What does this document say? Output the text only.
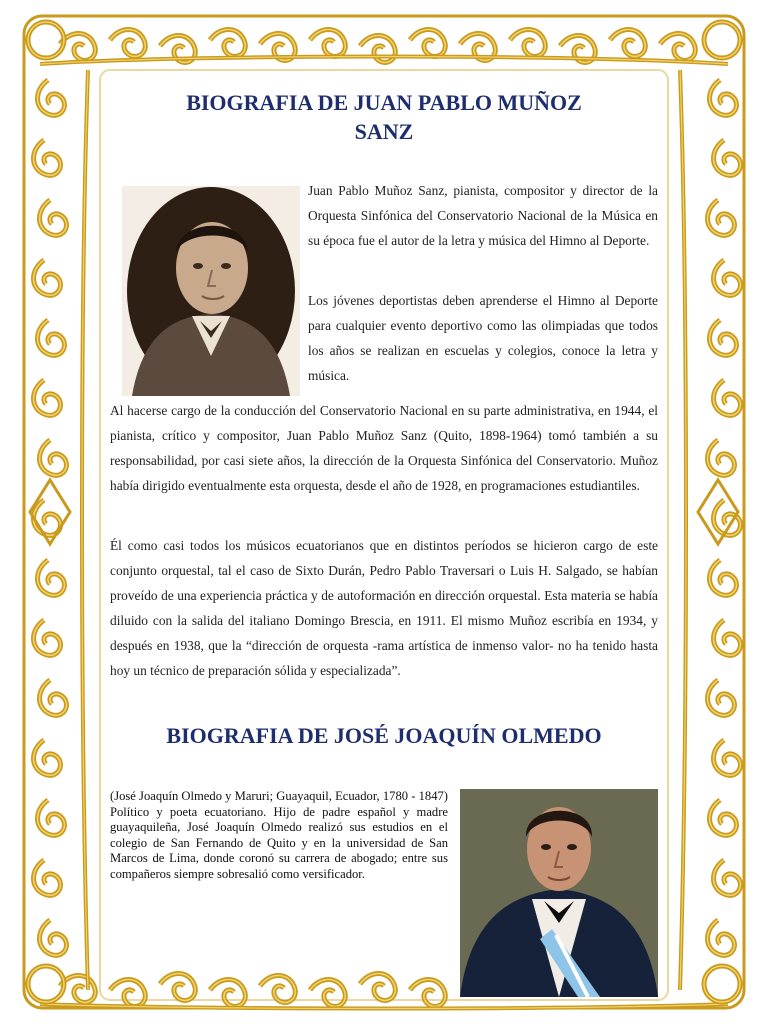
BIOGRAFIA DE JUAN PABLO MUÑOZ
SANZ
Juan Pablo Muñoz Sanz, pianista, compositor y director de la Orquesta Sinfónica del Conservatorio Nacional de la Música en su época fue el autor de la letra y música del Himno al Deporte.
Los jóvenes deportistas deben aprenderse el Himno al Deporte para cualquier evento deportivo como las olimpiadas que todos los años se realizan en escuelas y colegios, conoce la letra y música.
Al hacerse cargo de la conducción del Conservatorio Nacional en su parte administrativa, en 1944, el pianista, crítico y compositor, Juan Pablo Muñoz Sanz (Quito, 1898-1964) tomó también a su responsabilidad, por casi siete años, la dirección de la Orquesta Sinfónica del Conservatorio. Muñoz había dirigido eventualmente esta orquesta, desde el año de 1928, en programaciones estudiantiles.
Él como casi todos los músicos ecuatorianos que en distintos períodos se hicieron cargo de este conjunto orquestal, tal el caso de Sixto Durán, Pedro Pablo Traversari o Luis H. Salgado, se habían proveído de una experiencia práctica y de autoformación en dirección orquestal. Esta materia se había diluido con la salida del italiano Domingo Brescia, en 1911. El mismo Muñoz escribía en 1934, y después en 1938, que la “dirección de orquesta -rama artística de inmenso valor- no ha tenido hasta hoy un técnico de preparación sólida y especializada”.
BIOGRAFIA DE JOSÉ JOAQUÍN OLMEDO
(José Joaquín Olmedo y Maruri; Guayaquil, Ecuador, 1780 - 1847) Político y poeta ecuatoriano. Hijo de padre español y madre guayaquileña, José Joaquín Olmedo realizó sus estudios en el colegio de San Fernando de Quito y en la universidad de San Marcos de Lima, donde coronó su carrera de abogado; entre sus compañeros siempre sobresalió como versificador.
